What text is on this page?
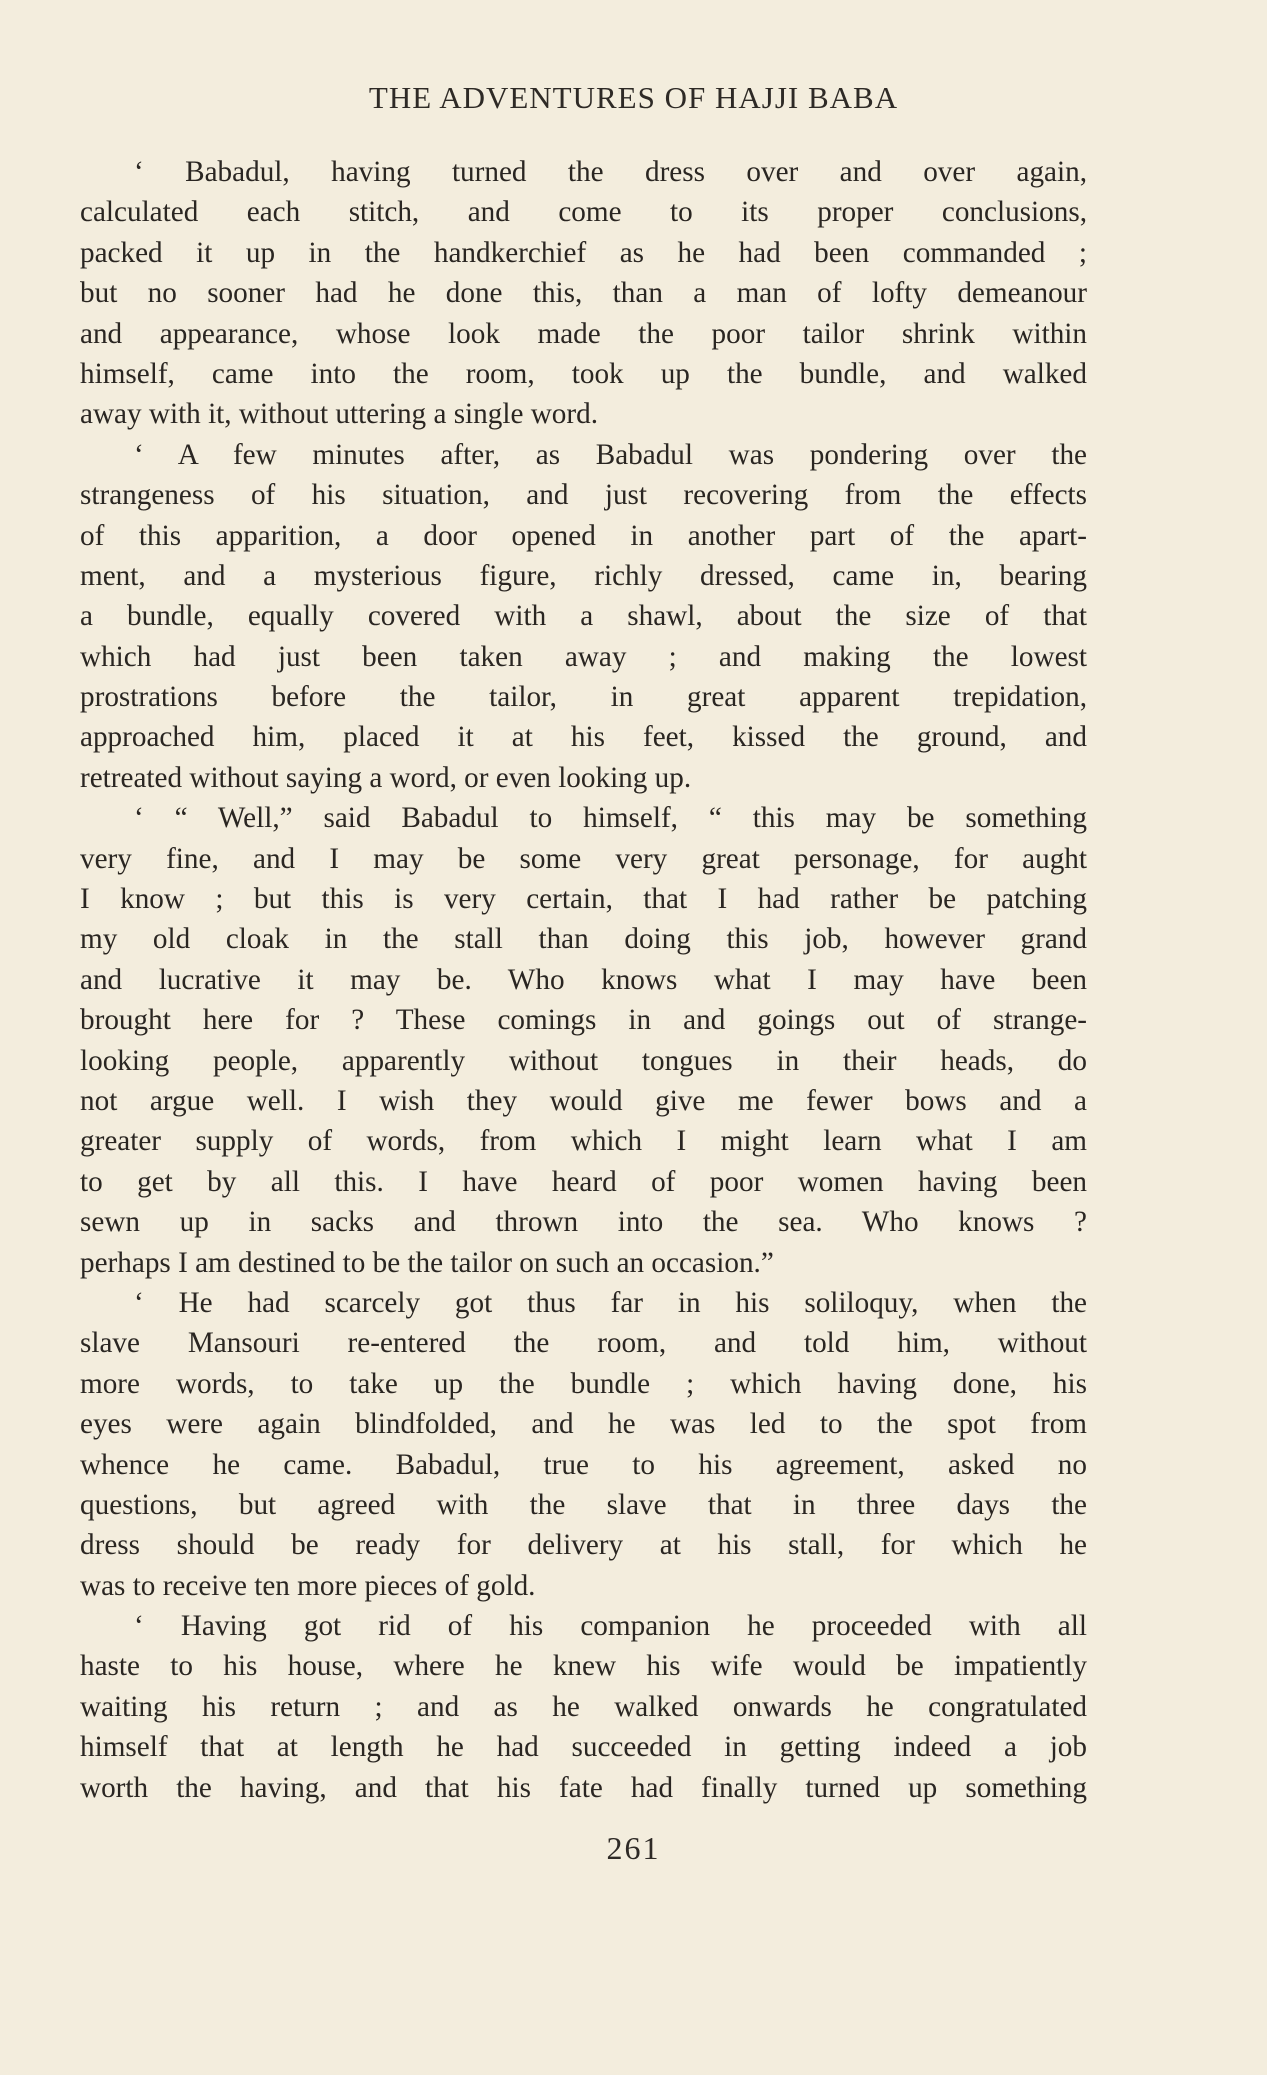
THE ADVENTURES OF HAJJI BABA
‘ Babadul, having turned the dress over and over again,
calculated each stitch, and come to its proper conclusions,
packed it up in the handkerchief as he had been commanded ;
but no sooner had he done this, than a man of lofty demeanour
and appearance, whose look made the poor tailor shrink within
himself, came into the room, took up the bundle, and walked
away with it, without uttering a single word.
‘ A few minutes after, as Babadul was pondering over the
strangeness of his situation, and just recovering from the effects
of this apparition, a door opened in another part of the apart-
ment, and a mysterious figure, richly dressed, came in, bearing
a bundle, equally covered with a shawl, about the size of that
which had just been taken away ; and making the lowest
prostrations before the tailor, in great apparent trepidation,
approached him, placed it at his feet, kissed the ground, and
retreated without saying a word, or even looking up.
‘ “ Well,” said Babadul to himself, “ this may be something
very fine, and I may be some very great personage, for aught
I know ; but this is very certain, that I had rather be patching
my old cloak in the stall than doing this job, however grand
and lucrative it may be. Who knows what I may have been
brought here for ? These comings in and goings out of strange-
looking people, apparently without tongues in their heads, do
not argue well. I wish they would give me fewer bows and a
greater supply of words, from which I might learn what I am
to get by all this. I have heard of poor women having been
sewn up in sacks and thrown into the sea. Who knows ?
perhaps I am destined to be the tailor on such an occasion.”
‘ He had scarcely got thus far in his soliloquy, when the
slave Mansouri re-entered the room, and told him, without
more words, to take up the bundle ; which having done, his
eyes were again blindfolded, and he was led to the spot from
whence he came. Babadul, true to his agreement, asked no
questions, but agreed with the slave that in three days the
dress should be ready for delivery at his stall, for which he
was to receive ten more pieces of gold.
‘ Having got rid of his companion he proceeded with all
haste to his house, where he knew his wife would be impatiently
waiting his return ; and as he walked onwards he congratulated
himself that at length he had succeeded in getting indeed a job
worth the having, and that his fate had finally turned up something
261
